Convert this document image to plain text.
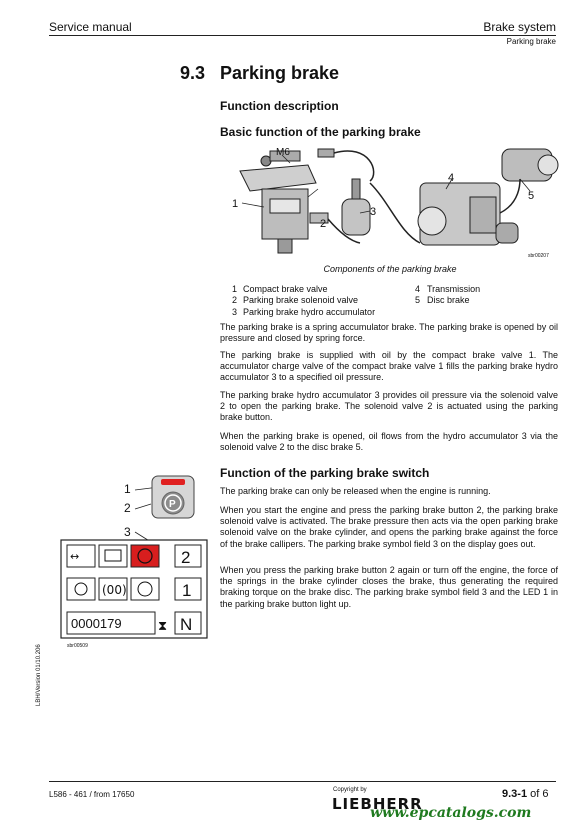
Service manual	Brake system
Parking brake
9.3 Parking brake
Function description
Basic function of the parking brake
1
2
3
4
5
M6
sbr00207
Components of the parking brake
1 Compact brake valve	4 Transmission
2 Parking brake solenoid valve	5 Disc brake
3 Parking brake hydro accumulator
The parking brake is a spring accumulator brake. The parking brake is opened by oil pressure and closed by spring force.
The parking brake is supplied with oil by the compact brake valve 1. The accumulator charge valve of the compact brake valve 1 fills the parking brake hydro accumulator 3 to a specified oil pressure.
The parking brake hydro accumulator 3 provides oil pressure via the solenoid valve 2 to open the parking brake. The solenoid valve 2 is actuated using the parking brake button.
When the parking brake is opened, oil flows from the hydro accumulator 3 via the solenoid valve 2 to the disc brake 5.
Function of the parking brake switch
The parking brake can only be released when the engine is running.
When you start the engine and press the parking brake button 2, the parking brake solenoid valve is activated. The brake pressure then acts via the open parking brake solenoid valve on the brake cylinder, and opens the parking brake against the force of the brake callipers. The parking brake symbol field 3 on the display goes out.
When you press the parking brake button 2 again or turn off the engine, the force of the springs in the brake cylinder closes the brake, thus generating the required braking torque on the brake disc. The parking brake symbol field 3 and the LED 1 in the parking brake button light up.
1
2
3
P
↔	2
(00)	1
0000179	⧗ N
sbr00509
LBH/Version 01/10.206
L586 - 461 / from 17650	Copyright by
LIEBHERR
9.3-1 of 6
www.epcatalogs.com
